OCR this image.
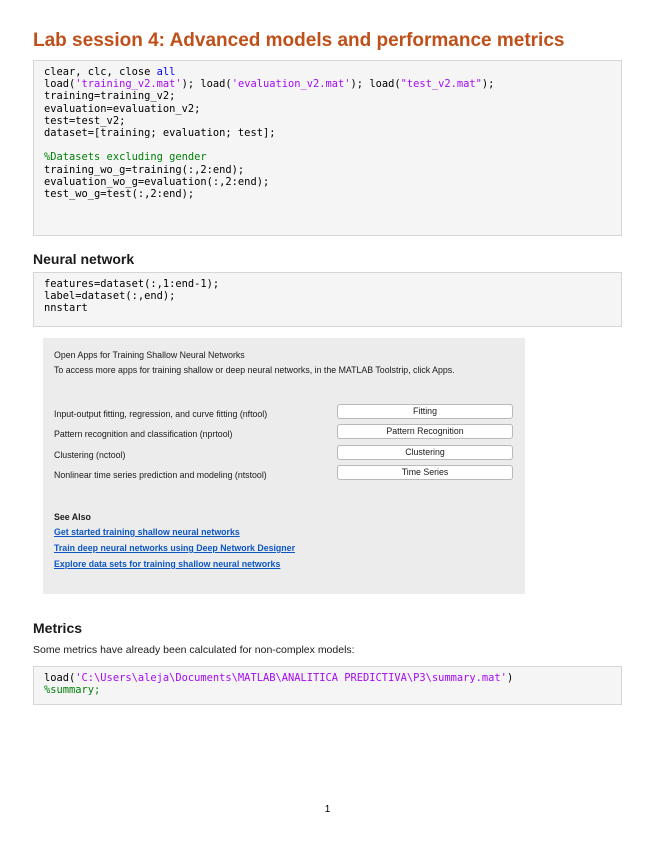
Lab session 4: Advanced models and performance metrics
clear, clc, close all
load('training_v2.mat'); load('evaluation_v2.mat'); load("test_v2.mat");
training=training_v2;
evaluation=evaluation_v2;
test=test_v2;
dataset=[training; evaluation; test];
%Datasets excluding gender
training_wo_g=training(:,2:end);
evaluation_wo_g=evaluation(:,2:end);
test_wo_g=test(:,2:end);
Neural network
features=dataset(:,1:end-1);
label=dataset(:,end);
nnstart
Open Apps for Training Shallow Neural Networks
To access more apps for training shallow or deep neural networks, in the MATLAB Toolstrip, click Apps.
Input-output fitting, regression, and curve fitting (nftool)	Fitting
Pattern recognition and classification (nprtool)	Pattern Recognition
Clustering (nctool)	Clustering
Nonlinear time series prediction and modeling (ntstool)	Time Series
See Also
Get started training shallow neural networks
Train deep neural networks using Deep Network Designer
Explore data sets for training shallow neural networks
Metrics
Some metrics have already been calculated for non-complex models:
load('C:\Users\aleja\Documents\MATLAB\ANALITICA PREDICTIVA\P3\summary.mat')
%summary;
1
